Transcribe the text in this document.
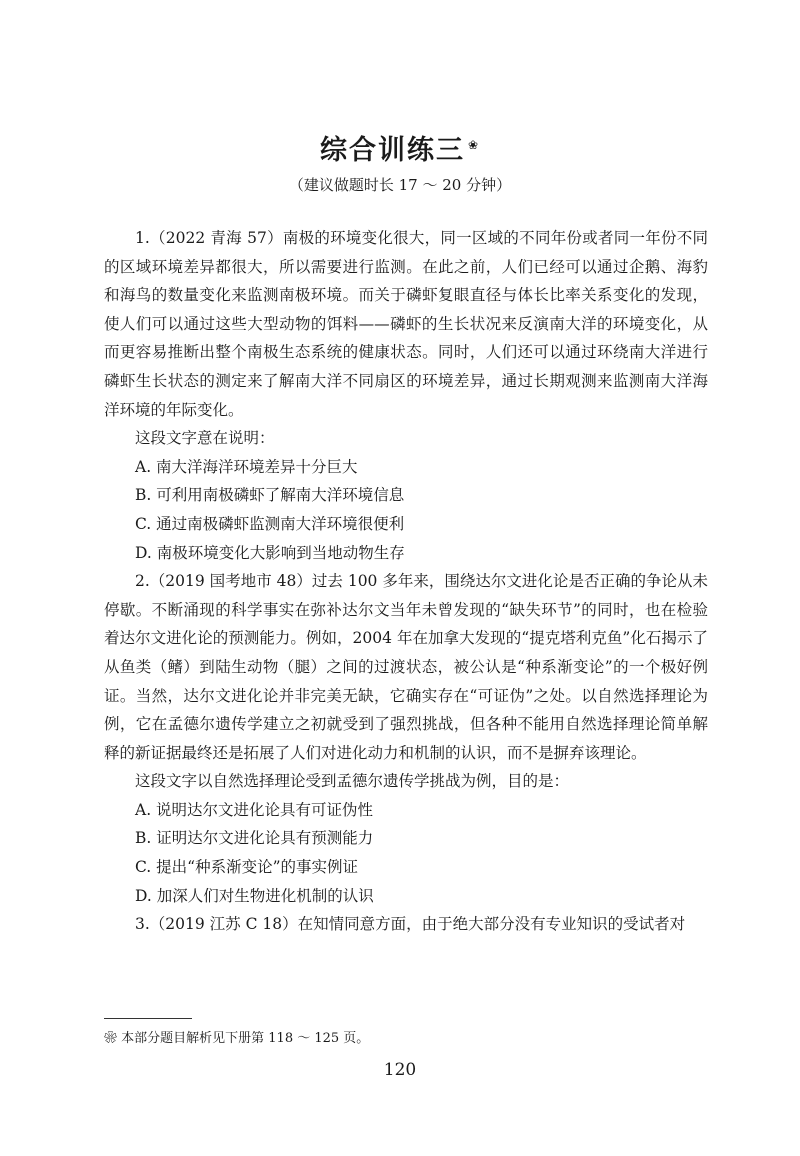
综合训练三 ❀
（建议做题时长 17 ～ 20 分钟）

1.（2022 青海 57）南极的环境变化很大，同一区域的不同年份或者同一年份不同的区域环境差异都很大，所以需要进行监测。在此之前，人们已经可以通过企鹅、海豹和海鸟的数量变化来监测南极环境。而关于磷虾复眼直径与体长比率关系变化的发现，使人们可以通过这些大型动物的饵料——磷虾的生长状况来反演南大洋的环境变化，从而更容易推断出整个南极生态系统的健康状态。同时，人们还可以通过环绕南大洋进行磷虾生长状态的测定来了解南大洋不同扇区的环境差异，通过长期观测来监测南大洋海洋环境的年际变化。

这段文字意在说明：

A. 南大洋海洋环境差异十分巨大

B. 可利用南极磷虾了解南大洋环境信息

C. 通过南极磷虾监测南大洋环境很便利

D. 南极环境变化大影响到当地动物生存

2.（2019 国考地市 48）过去 100 多年来，围绕达尔文进化论是否正确的争论从未停歇。不断涌现的科学事实在弥补达尔文当年未曾发现的“缺失环节”的同时，也在检验着达尔文进化论的预测能力。例如，2004 年在加拿大发现的“提克塔利克鱼”化石揭示了从鱼类（鳍）到陆生动物（腿）之间的过渡状态，被公认是“种系渐变论”的一个极好例证。当然，达尔文进化论并非完美无缺，它确实存在“可证伪”之处。以自然选择理论为例，它在孟德尔遗传学建立之初就受到了强烈挑战，但各种不能用自然选择理论简单解释的新证据最终还是拓展了人们对进化动力和机制的认识，而不是摒弃该理论。

这段文字以自然选择理论受到孟德尔遗传学挑战为例，目的是：

A. 说明达尔文进化论具有可证伪性

B. 证明达尔文进化论具有预测能力

C. 提出“种系渐变论”的事实例证

D. 加深人们对生物进化机制的认识

3.（2019 江苏 C 18）在知情同意方面，由于绝大部分没有专业知识的受试者对

❀ 本部分题目解析见下册第 118 ～ 125 页。
120
